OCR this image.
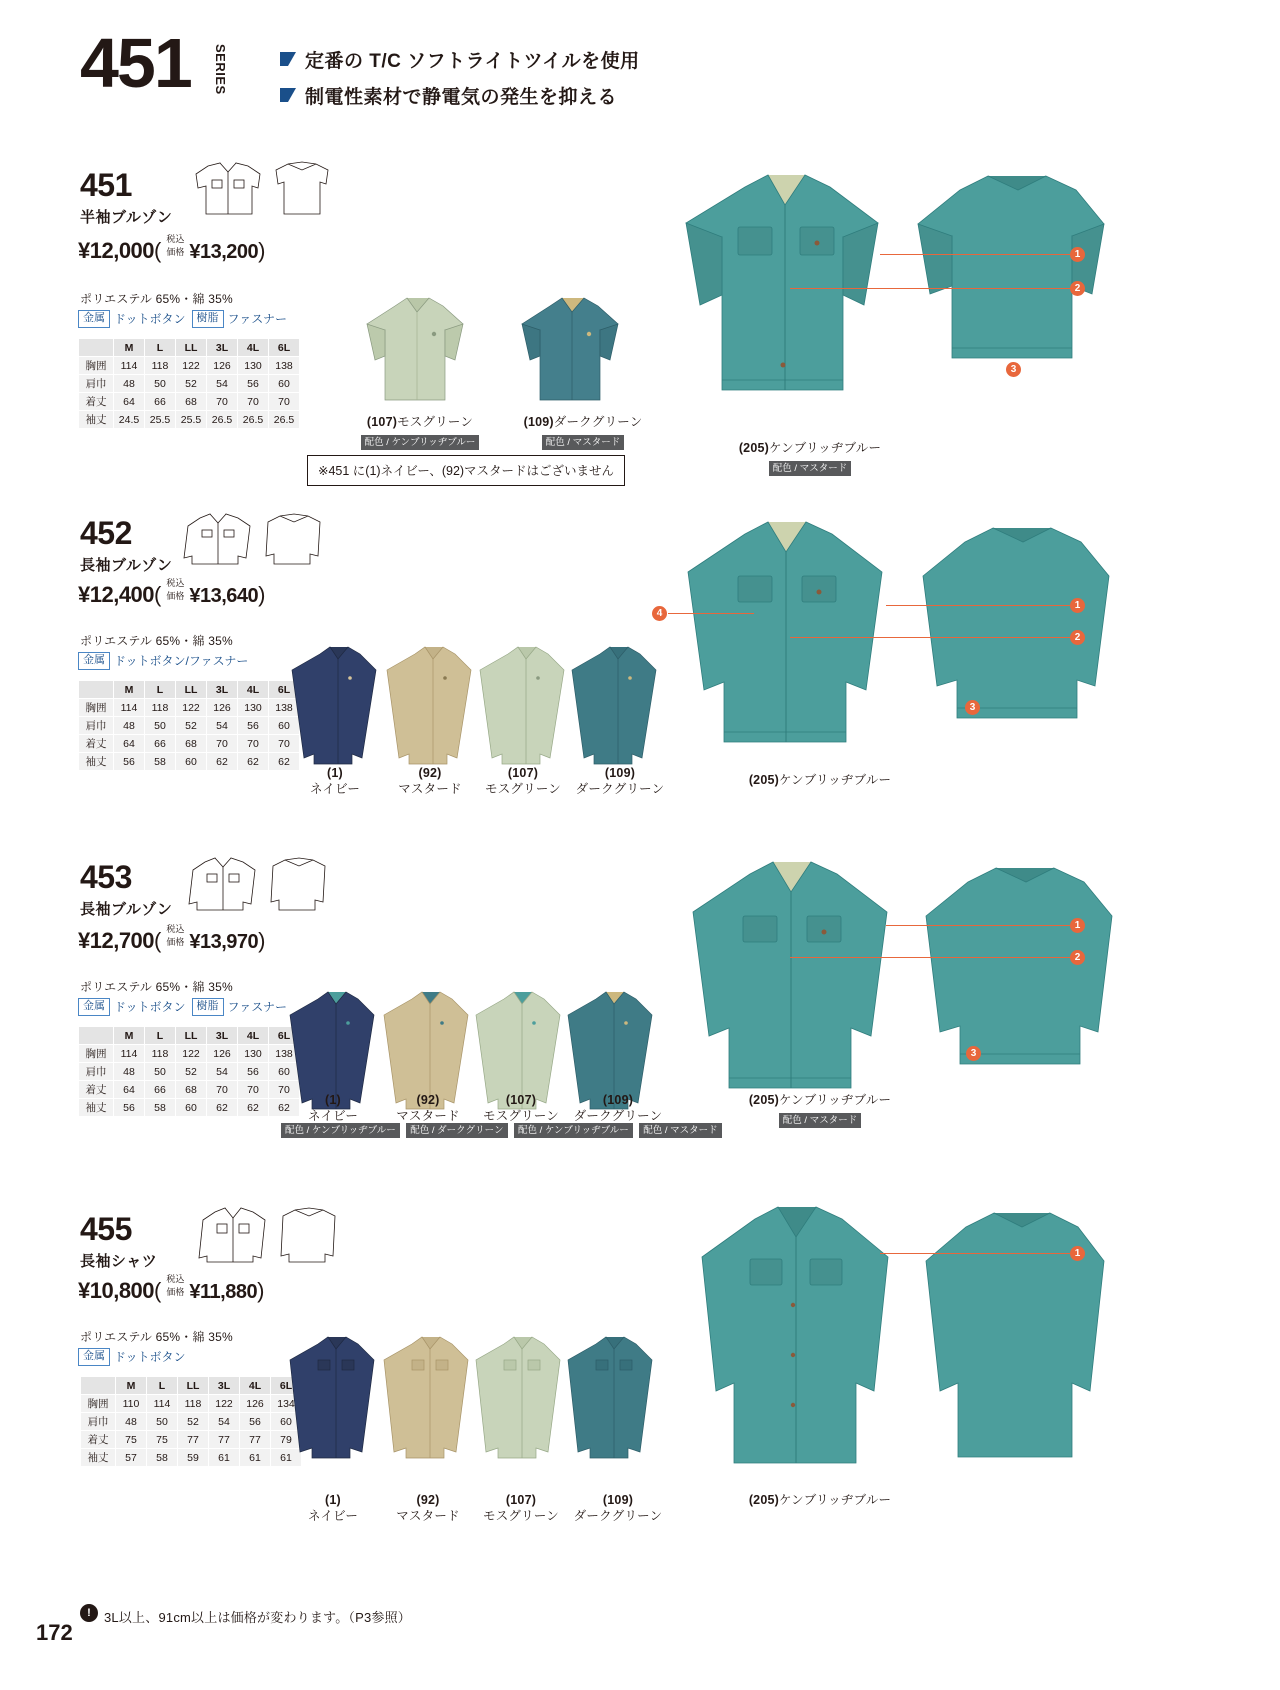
451 SERIES	定番の T/C ソフトライトツイルを使用
制電性素材で静電気の発生を抑える
451
半袖ブルゾン
¥12,000 ( 税込
価格 ¥13,200 )
ポリエステル 65%・綿 35%
金属 ドットボタン	樹脂 ファスナー
	M	L	LL	3L	4L	6L
胸囲	114	118	122	126	130	138
肩巾	48	50	52	54	56	60
着丈	64	66	68	70	70	70
袖丈	24.5	25.5	25.5	26.5	26.5	26.5	(107)モスグリーン
配色 / ケンブリッヂブルー
(109)ダークグリーン
配色 / マスタード
※451 に(1)ネイビー、(92)マスタードはございません
1
2
3
(205)ケンブリッヂブルー
配色 / マスタード
452
長袖ブルゾン
¥12,400 ( 税込
価格 ¥13,640 )
ポリエステル 65%・綿 35%
金属 ドットボタン/ファスナー
	M	L	LL	3L	4L	6L
胸囲	114	118	122	126	130	138
肩巾	48	50	52	54	56	60
着丈	64	66	68	70	70	70
袖丈	56	58	60	62	62	62
(1)
ネイビー
(92)
マスタード
(107)
モスグリーン
(109)
ダークグリーン
1
2
3
4
(205)ケンブリッヂブルー
453
長袖ブルゾン
¥12,700 ( 税込
価格 ¥13,970 )
ポリエステル 65%・綿 35%
金属 ドットボタン	樹脂 ファスナー
	M	L	LL	3L	4L	6L
胸囲	114	118	122	126	130	138
肩巾	48	50	52	54	56	60
着丈	64	66	68	70	70	70
袖丈	56	58	60	62	62	62
(1)
ネイビー
(92)
マスタード
(107)
モスグリーン
(109)
ダークグリーン
配色 / ケンブリッヂブルー 配色 / ダークグリーン 配色 / ケンブリッヂブルー 配色 / マスタード
1
2
3
(205)ケンブリッヂブルー
配色 / マスタード
455
長袖シャツ
¥10,800 ( 税込
価格 ¥11,880 )
ポリエステル 65%・綿 35%
金属 ドットボタン
	M	L	LL	3L	4L	6L
胸囲	110	114	118	122	126	134
肩巾	48	50	52	54	56	60
着丈	75	75	77	77	77	79
袖丈	57	58	59	61	61	61
(1)
ネイビー
(92)
マスタード
(107)
モスグリーン
(109)
ダークグリーン
1
(205)ケンブリッヂブルー
!	3L以上、91cm以上は価格が変わります。（P3参照）
172
